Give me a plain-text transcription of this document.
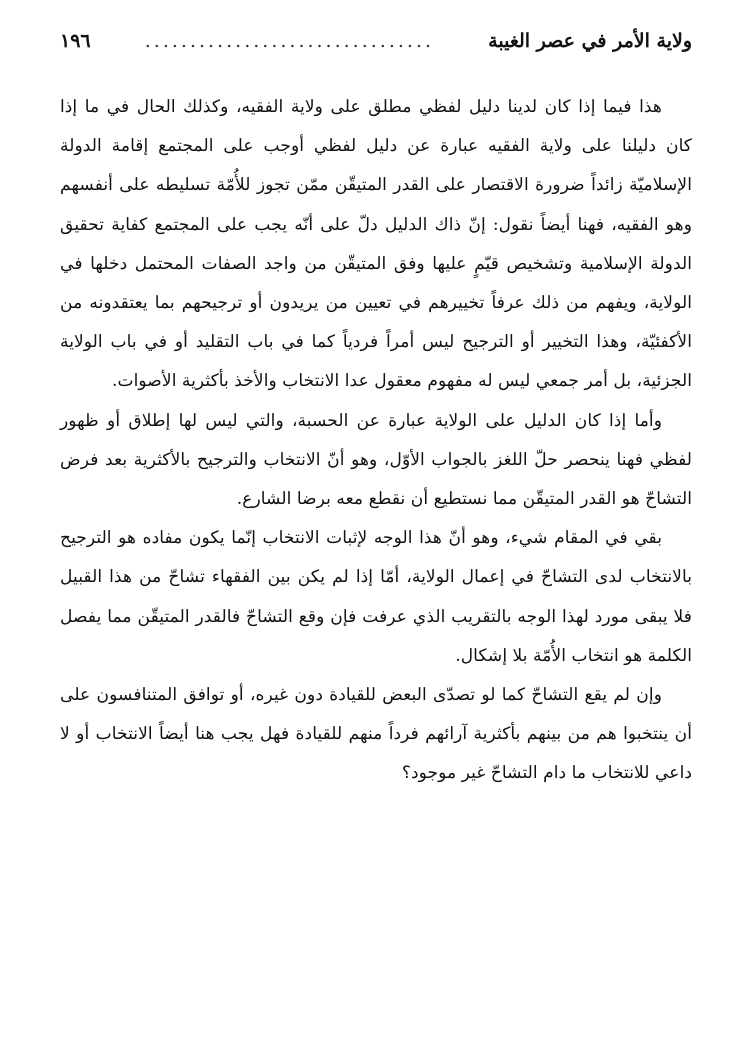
ولاية الأمر في عصر الغيبة
................................
١٩٦

هذا فيما إذا كان لدينا دليل لفظي مطلق على ولاية الفقيه، وكذلك الحال في ما إذا كان دليلنا على ولاية الفقيه عبارة عن دليل لفظي أوجب على المجتمع إقامة الدولة الإسلاميّة زائداً ضرورة الاقتصار على القدر المتيقّن ممّن تجوز للأُمّة تسليطه على أنفسهم وهو الفقيه، فهنا أيضاً نقول: إنّ ذاك الدليل دلّ على أنّه يجب على المجتمع كفاية تحقيق الدولة الإسلامية وتشخيص قيّمٍ عليها وفق المتيقّن من واجد الصفات المحتمل دخلها في الولاية، ويفهم من ذلك عرفاً تخييرهم في تعيين من يريدون أو ترجيحهم بما يعتقدونه من الأكفئيّة، وهذا التخيير أو الترجيح ليس أمراً فردياً كما في باب التقليد أو في باب الولاية الجزئية، بل أمر جمعي ليس له مفهوم معقول عدا الانتخاب والأخذ بأكثرية الأصوات.

وأما إذا كان الدليل على الولاية عبارة عن الحسبة، والتي ليس لها إطلاق أو ظهور لفظي فهنا ينحصر حلّ اللغز بالجواب الأوّل، وهو أنّ الانتخاب والترجيح بالأكثرية بعد فرض التشاحّ هو القدر المتيقّن مما نستطيع أن نقطع معه برضا الشارع.

بقي في المقام شيء، وهو أنّ هذا الوجه لإثبات الانتخاب إنّما يكون مفاده هو الترجيح بالانتخاب لدى التشاحّ في إعمال الولاية، أمّا إذا لم يكن بين الفقهاء تشاحّ من هذا القبيل فلا يبقى مورد لهذا الوجه بالتقريب الذي عرفت فإن وقع التشاحّ فالقدر المتيقّن مما يفصل الكلمة هو انتخاب الأُمّة بلا إشكال.

وإن لم يقع التشاحّ كما لو تصدّى البعض للقيادة دون غيره، أو توافق المتنافسون على أن ينتخبوا هم من بينهم بأكثرية آرائهم فرداً منهم للقيادة فهل يجب هنا أيضاً الانتخاب أو لا داعي للانتخاب ما دام التشاحّ غير موجود؟
